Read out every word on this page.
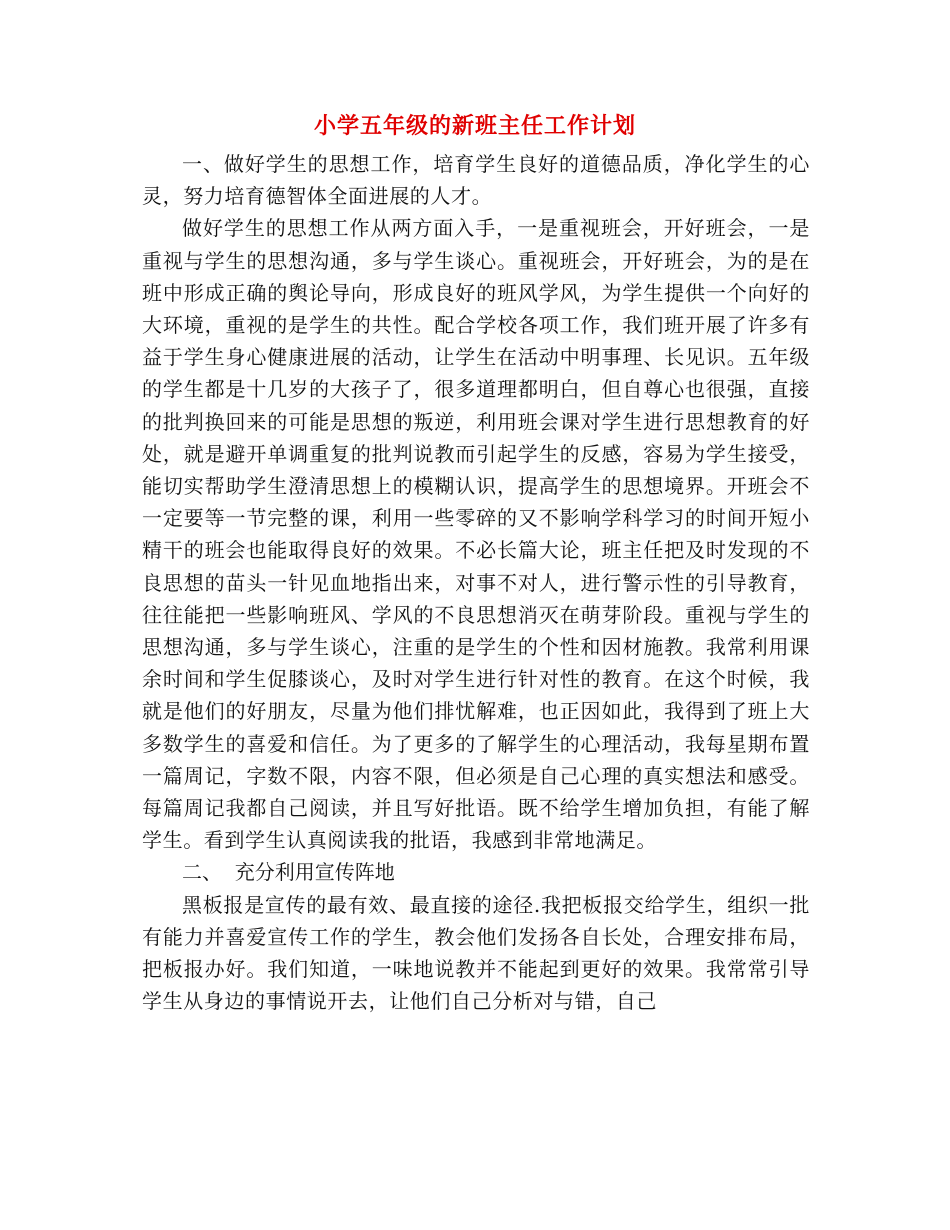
小学五年级的新班主任工作计划

一、做好学生的思想工作，培育学生良好的道德品质，净化学生的心灵，努力培育德智体全面进展的人才。

做好学生的思想工作从两方面入手，一是重视班会，开好班会，一是重视与学生的思想沟通，多与学生谈心。重视班会，开好班会，为的是在班中形成正确的舆论导向，形成良好的班风学风，为学生提供一个向好的大环境，重视的是学生的共性。配合学校各项工作，我们班开展了许多有益于学生身心健康进展的活动，让学生在活动中明事理、长见识。五年级的学生都是十几岁的大孩子了，很多道理都明白，但自尊心也很强，直接的批判换回来的可能是思想的叛逆，利用班会课对学生进行思想教育的好处，就是避开单调重复的批判说教而引起学生的反感，容易为学生接受，能切实帮助学生澄清思想上的模糊认识，提高学生的思想境界。开班会不一定要等一节完整的课，利用一些零碎的又不影响学科学习的时间开短小精干的班会也能取得良好的效果。不必长篇大论，班主任把及时发现的不良思想的苗头一针见血地指出来，对事不对人，进行警示性的引导教育，往往能把一些影响班风、学风的不良思想消灭在萌芽阶段。重视与学生的思想沟通，多与学生谈心，注重的是学生的个性和因材施教。我常利用课余时间和学生促膝谈心，及时对学生进行针对性的教育。在这个时候，我就是他们的好朋友，尽量为他们排忧解难，也正因如此，我得到了班上大多数学生的喜爱和信任。为了更多的了解学生的心理活动，我每星期布置一篇周记，字数不限，内容不限，但必须是自己心理的真实想法和感受。每篇周记我都自己阅读，并且写好批语。既不给学生增加负担，有能了解学生。看到学生认真阅读我的批语，我感到非常地满足。

二、  充分利用宣传阵地

黑板报是宣传的最有效、最直接的途径.我把板报交给学生，组织一批有能力并喜爱宣传工作的学生，教会他们发扬各自长处，合理安排布局，把板报办好。我们知道，一味地说教并不能起到更好的效果。我常常引导学生从身边的事情说开去，让他们自己分析对与错，自己
